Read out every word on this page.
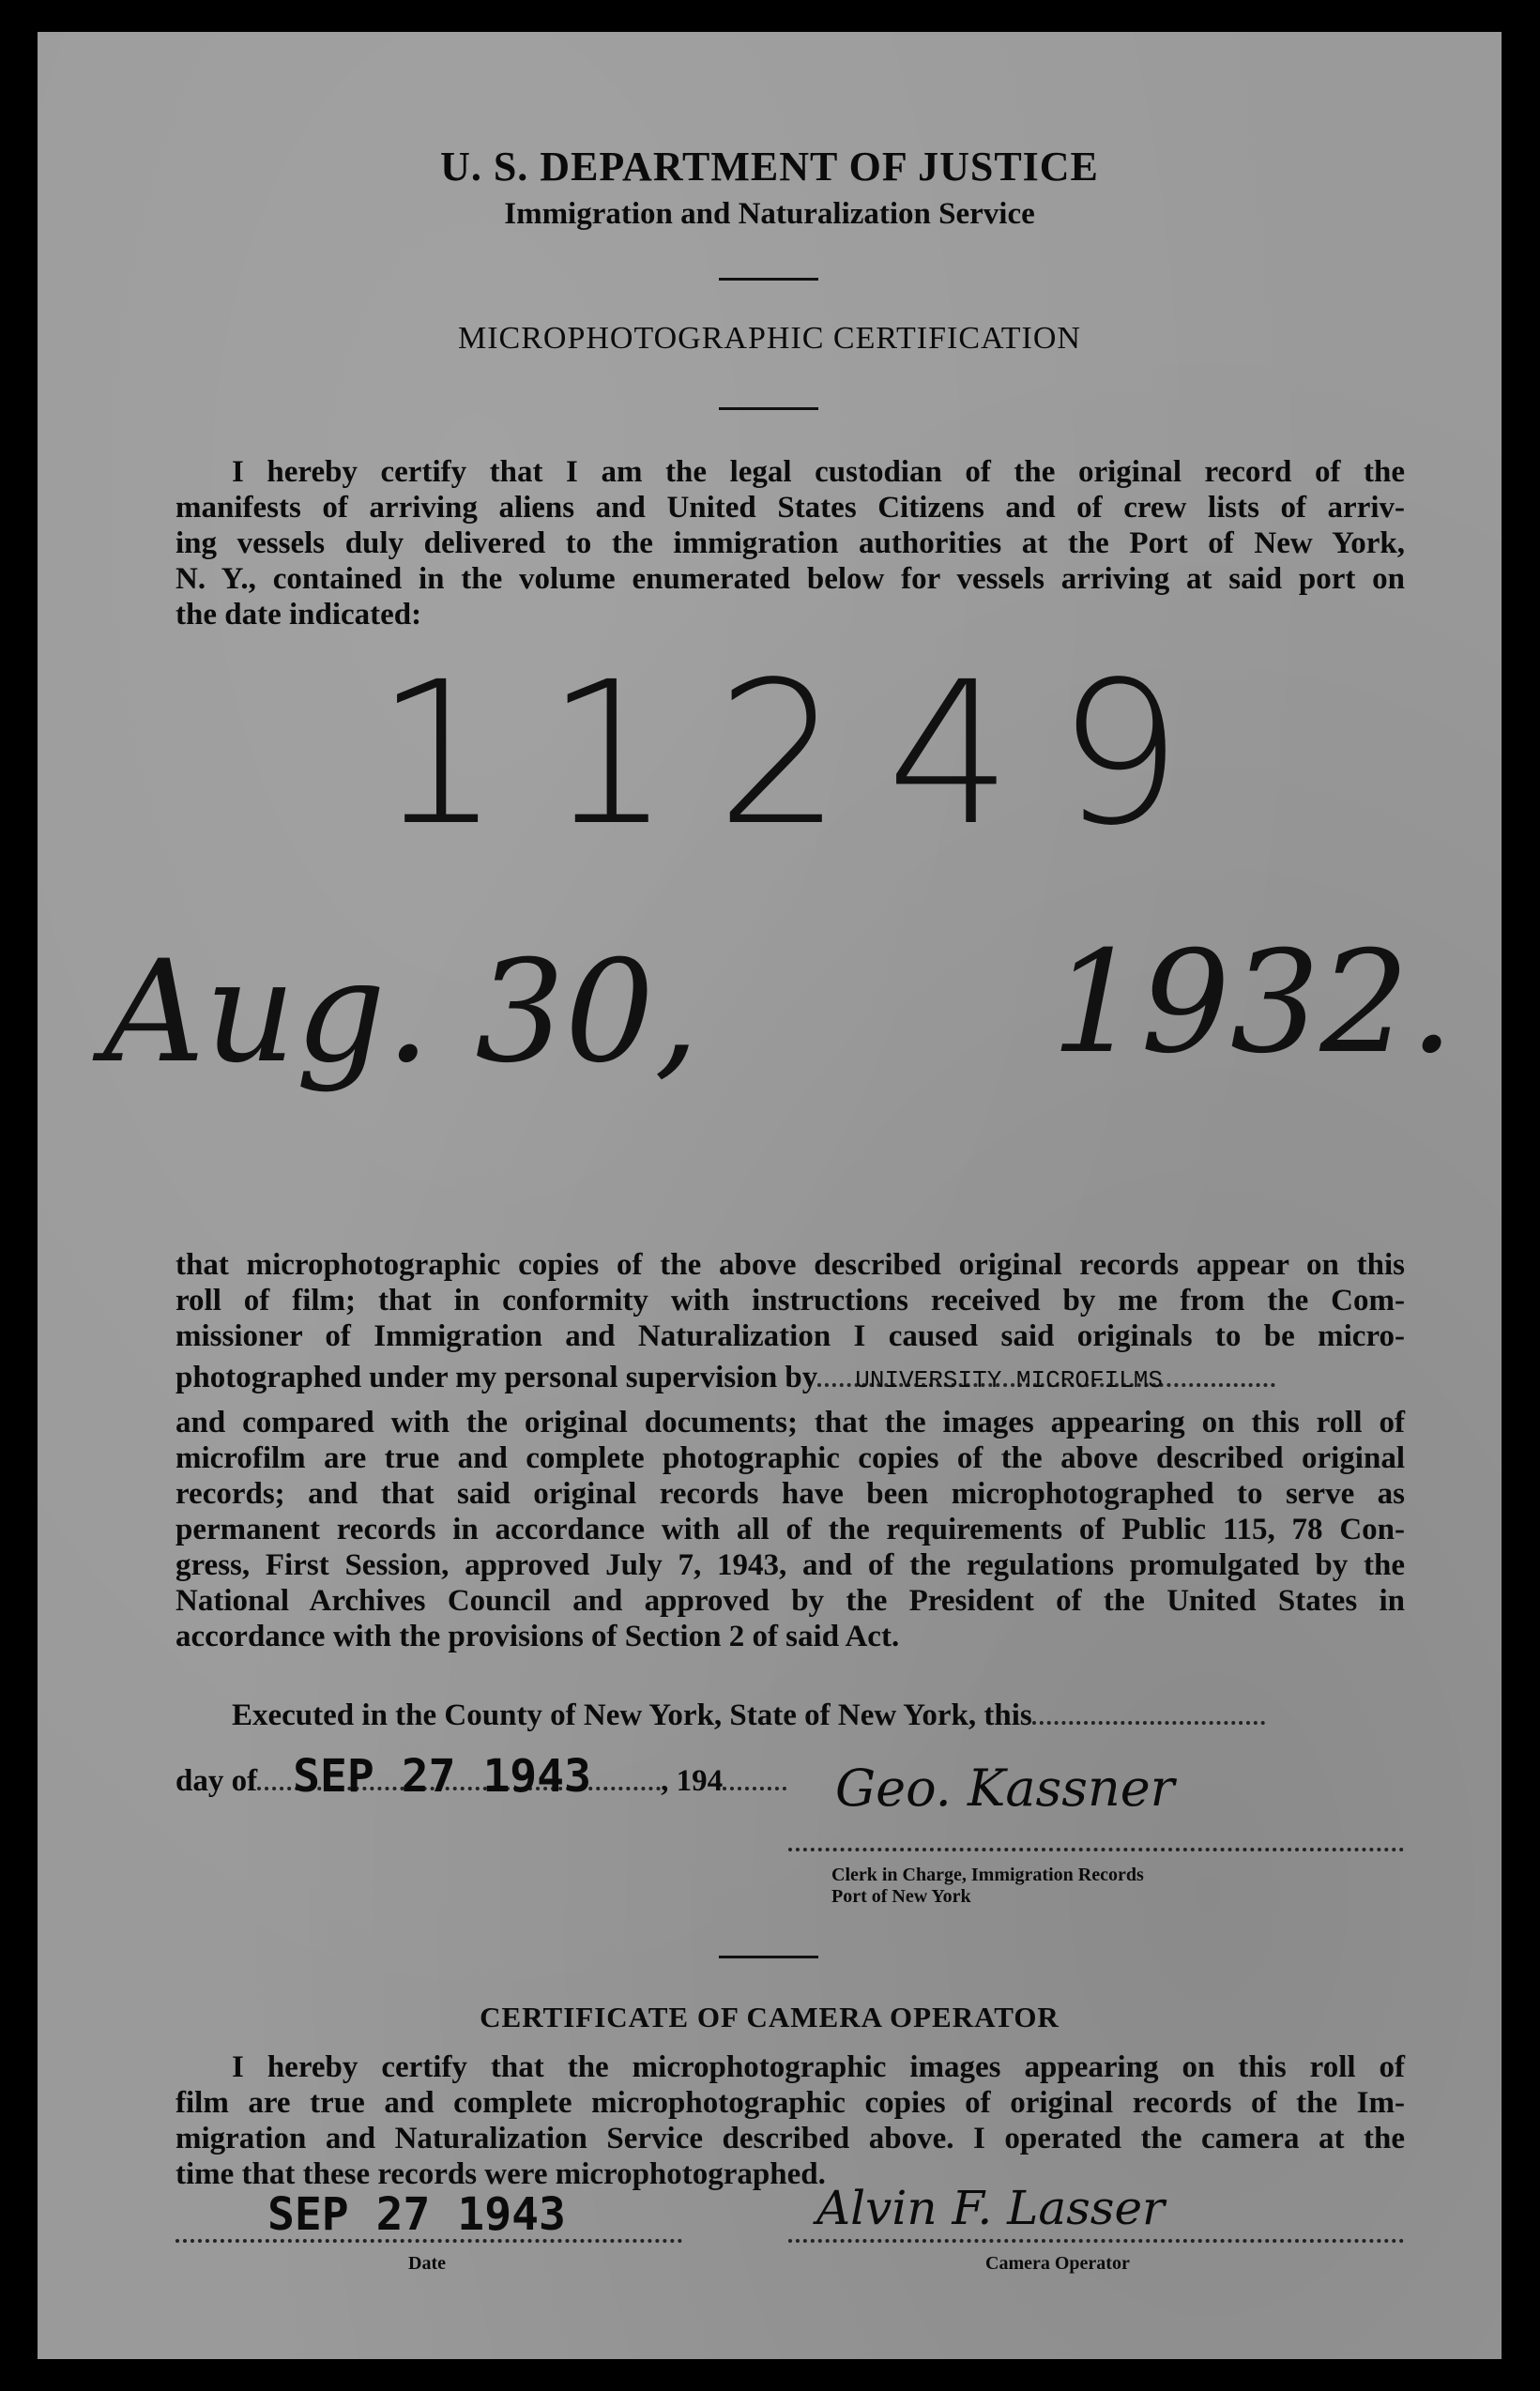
U. S. DEPARTMENT OF JUSTICE
Immigration and Naturalization Service
MICROPHOTOGRAPHIC CERTIFICATION
I hereby certify that I am the legal custodian of the original record of the
manifests of arriving aliens and United States Citizens and of crew lists of arriv-
ing vessels duly delivered to the immigration authorities at the Port of New York,
N. Y., contained in the volume enumerated below for vessels arriving at said port on
the date indicated:
11249
Aug. 30,	1932.
that microphotographic copies of the above described original records appear on this
roll of film; that in conformity with instructions received by me from the Com-
missioner of Immigration and Naturalization I caused said originals to be micro-
photographed under my personal supervision by UNIVERSITY MICROFILMS
and compared with the original documents; that the images appearing on this roll of
microfilm are true and complete photographic copies of the above described original
records; and that said original records have been microphotographed to serve as
permanent records in accordance with all of the requirements of Public 115, 78 Con-
gress, First Session, approved July 7, 1943, and of the regulations promulgated by the
National Archives Council and approved by the President of the United States in
accordance with the provisions of Section 2 of said Act.
Executed in the County of New York, State of New York, this
day of SEP 27 1943 , 194	Geo. Kassner
Clerk in Charge, Immigration Records
Port of New York
CERTIFICATE OF CAMERA OPERATOR
I hereby certify that the microphotographic images appearing on this roll of
film are true and complete microphotographic copies of original records of the Im-
migration and Naturalization Service described above. I operated the camera at the
time that these records were microphotographed.
SEP 27 1943
Date
Alvin F. Lasser
Camera Operator
